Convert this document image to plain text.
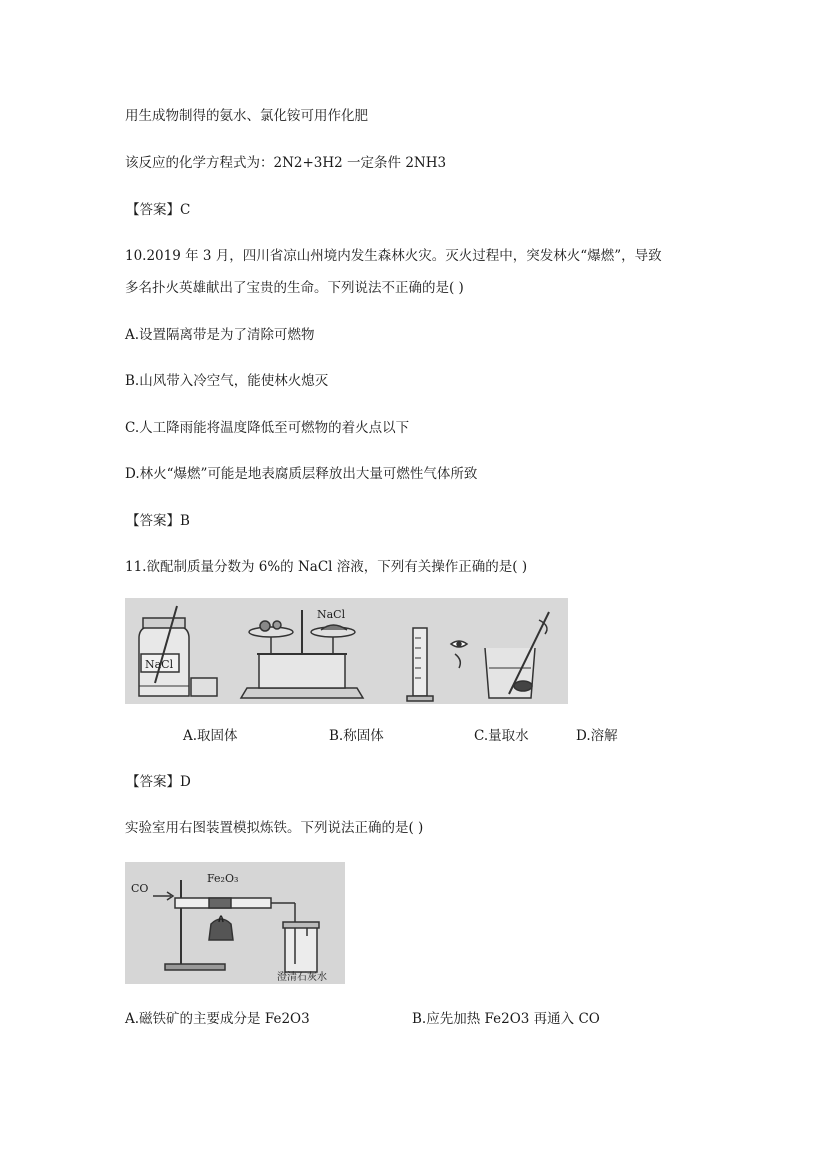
用生成物制得的氨水、氯化铵可用作化肥
该反应的化学方程式为：2N2+3H2 一定条件 2NH3
【答案】C
10.2019 年 3 月，四川省凉山州境内发生森林火灾。灭火过程中，突发林火“爆燃”，导致
多名扑火英雄献出了宝贵的生命。下列说法不正确的是( )
A.设置隔离带是为了清除可燃物
B.山风带入冷空气，能使林火熄灭
C.人工降雨能将温度降低至可燃物的着火点以下
D.林火“爆燃”可能是地表腐质层释放出大量可燃性气体所致
【答案】B
11.欲配制质量分数为 6%的 NaCl 溶液，下列有关操作正确的是( )
NaCl
NaCl
A.取固体	B.称固体	C.量取水	D.溶解
【答案】D
实验室用右图装置模拟炼铁。下列说法正确的是( )
CO
Fe₂O₃
澄清石灰水
A.磁铁矿的主要成分是 Fe2O3	B.应先加热 Fe2O3 再通入 CO
